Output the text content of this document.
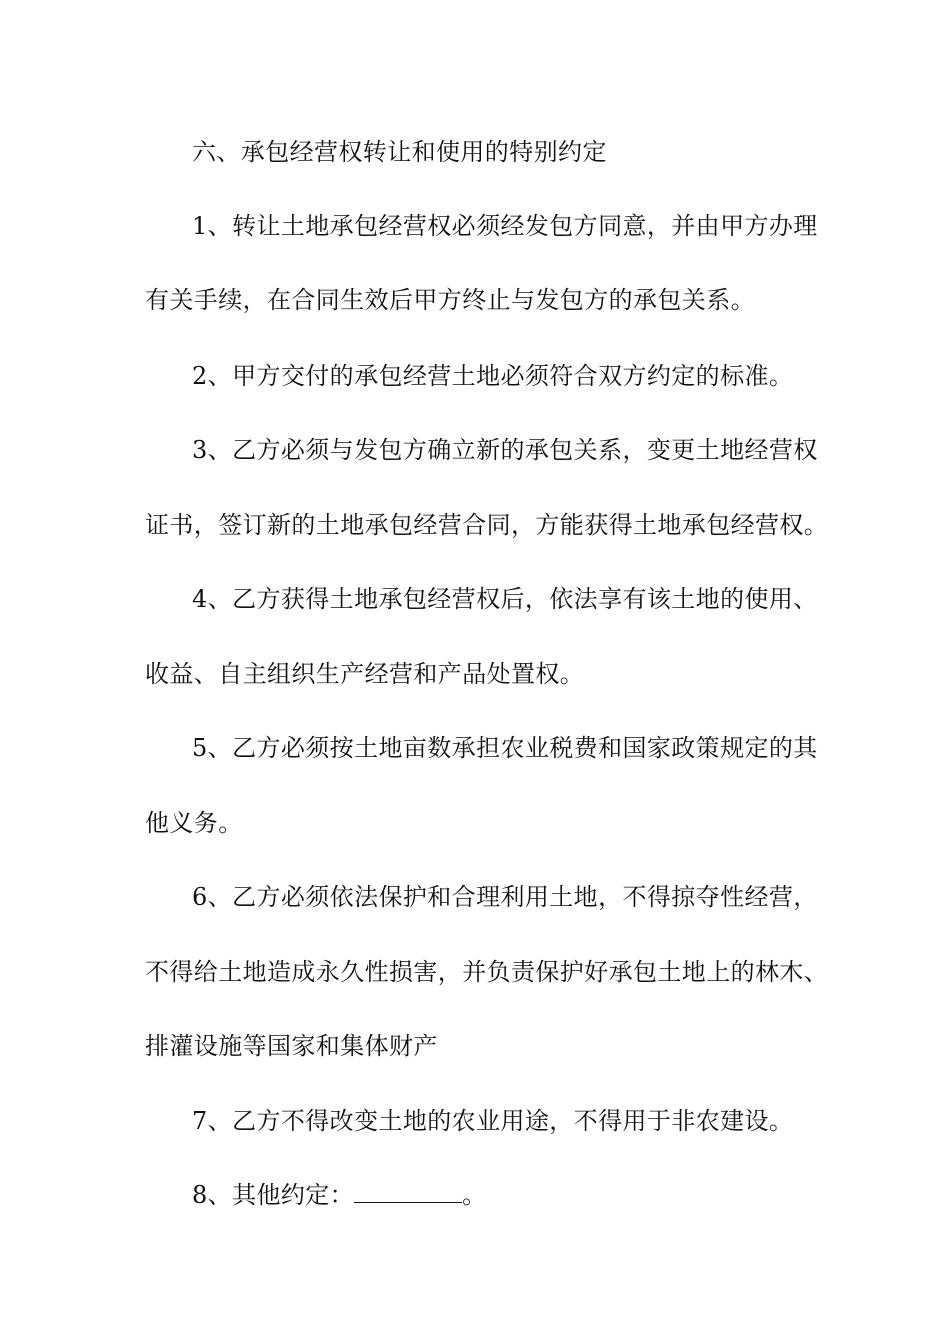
六、承包经营权转让和使用的特别约定
1、转让土地承包经营权必须经发包方同意，并由甲方办理
有关手续，在合同生效后甲方终止与发包方的承包关系。
2、甲方交付的承包经营土地必须符合双方约定的标准。
3、乙方必须与发包方确立新的承包关系，变更土地经营权
证书，签订新的土地承包经营合同，方能获得土地承包经营权。
4、乙方获得土地承包经营权后，依法享有该土地的使用、
收益、自主组织生产经营和产品处置权。
5、乙方必须按土地亩数承担农业税费和国家政策规定的其
他义务。
6、乙方必须依法保护和合理利用土地，不得掠夺性经营，
不得给土地造成永久性损害，并负责保护好承包土地上的林木、
排灌设施等国家和集体财产
7、乙方不得改变土地的农业用途，不得用于非农建设。
8、其他约定：	。
